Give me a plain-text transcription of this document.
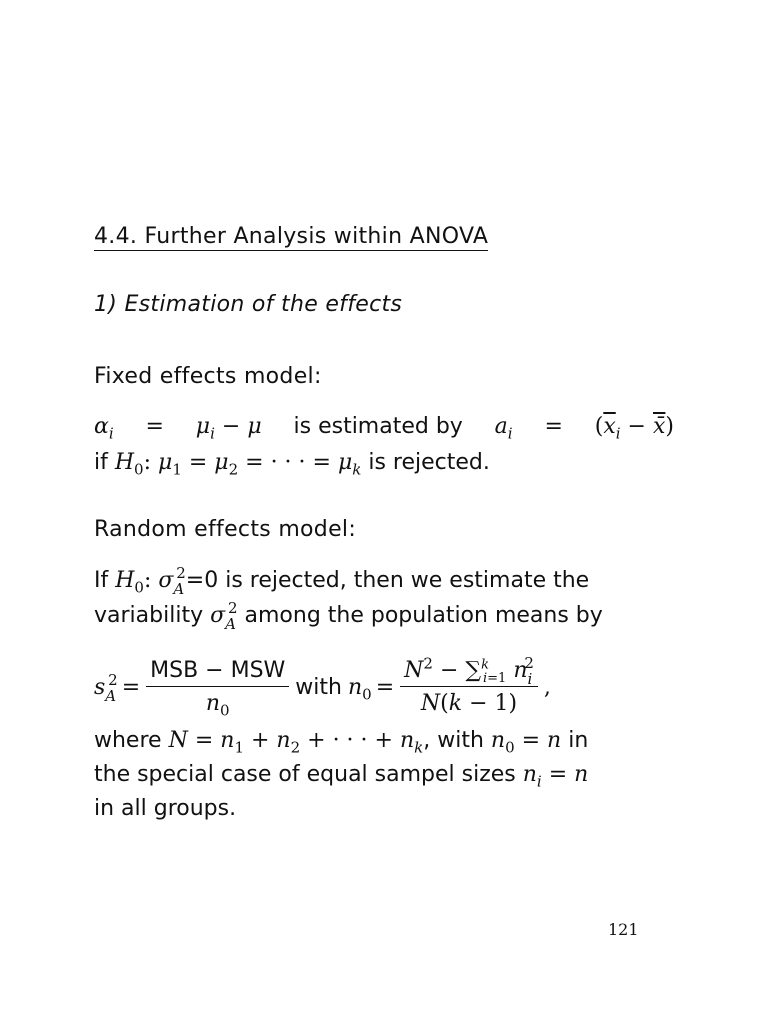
4.4. Further Analysis within ANOVA
1) Estimation of the effects
Fixed effects model:
$\alpha_i = \mu_i - \mu$ is estimated by $a_i = (\overline{x}_i$ − x̄)
if $H_0$: $\mu_1 = \mu_2$ = · · · = $\mu_k$ is rejected.
Random effects model:
If $H_0$: $\sigma_A^2=0$ is rejected, then we estimate the
variability $\sigma_A^2$ among the population means by
$s_A^2 = \frac{\text{MSB − MSW}}{n_0}$ with $n_0 = \frac{N^2 - \sum^k_{i=1} n_i^2}{N(k - 1)}$ ,
where $N = n_1 + n_2$ + · · · + $n_k$, with $n_0 = n$ in
the special case of equal sampel sizes $n_i = n$
in all groups.
121
